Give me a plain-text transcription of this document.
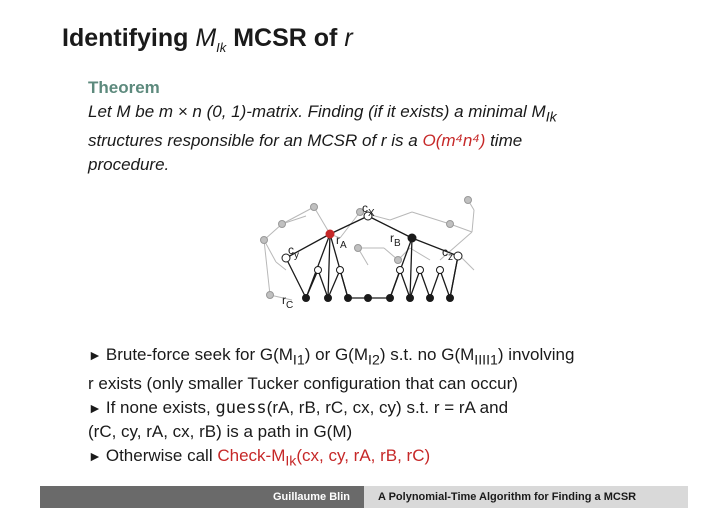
Identifying $M_{Ik}$ MCSR of r
Theorem
Let M be m × n (0, 1)-matrix. Finding (if it exists) a minimal $M_{Ik}$
structures responsible for an MCSR of r is a O(m⁴n⁴) time
procedure.
$c_X$
$c_y$	$c_z$
$r_A$
$r_B$
$r_C$
► Brute-force seek for $G(M_{I1})$ or $G(M_{I2})$ s.t. no $G(M_{IIII1})$ involving
r exists (only smaller Tucker configuration that can occur)
► If none exists, guess(rA, rB, rC, cx, cy) s.t. r = rA and
(rC, cy, rA, cx, rB) is a path in G(M)
► Otherwise call Check-$M_{Ik}(cx$, cy, rA, rB, rC)
Guillaume Blin	A Polynomial-Time Algorithm for Finding a MCSR
